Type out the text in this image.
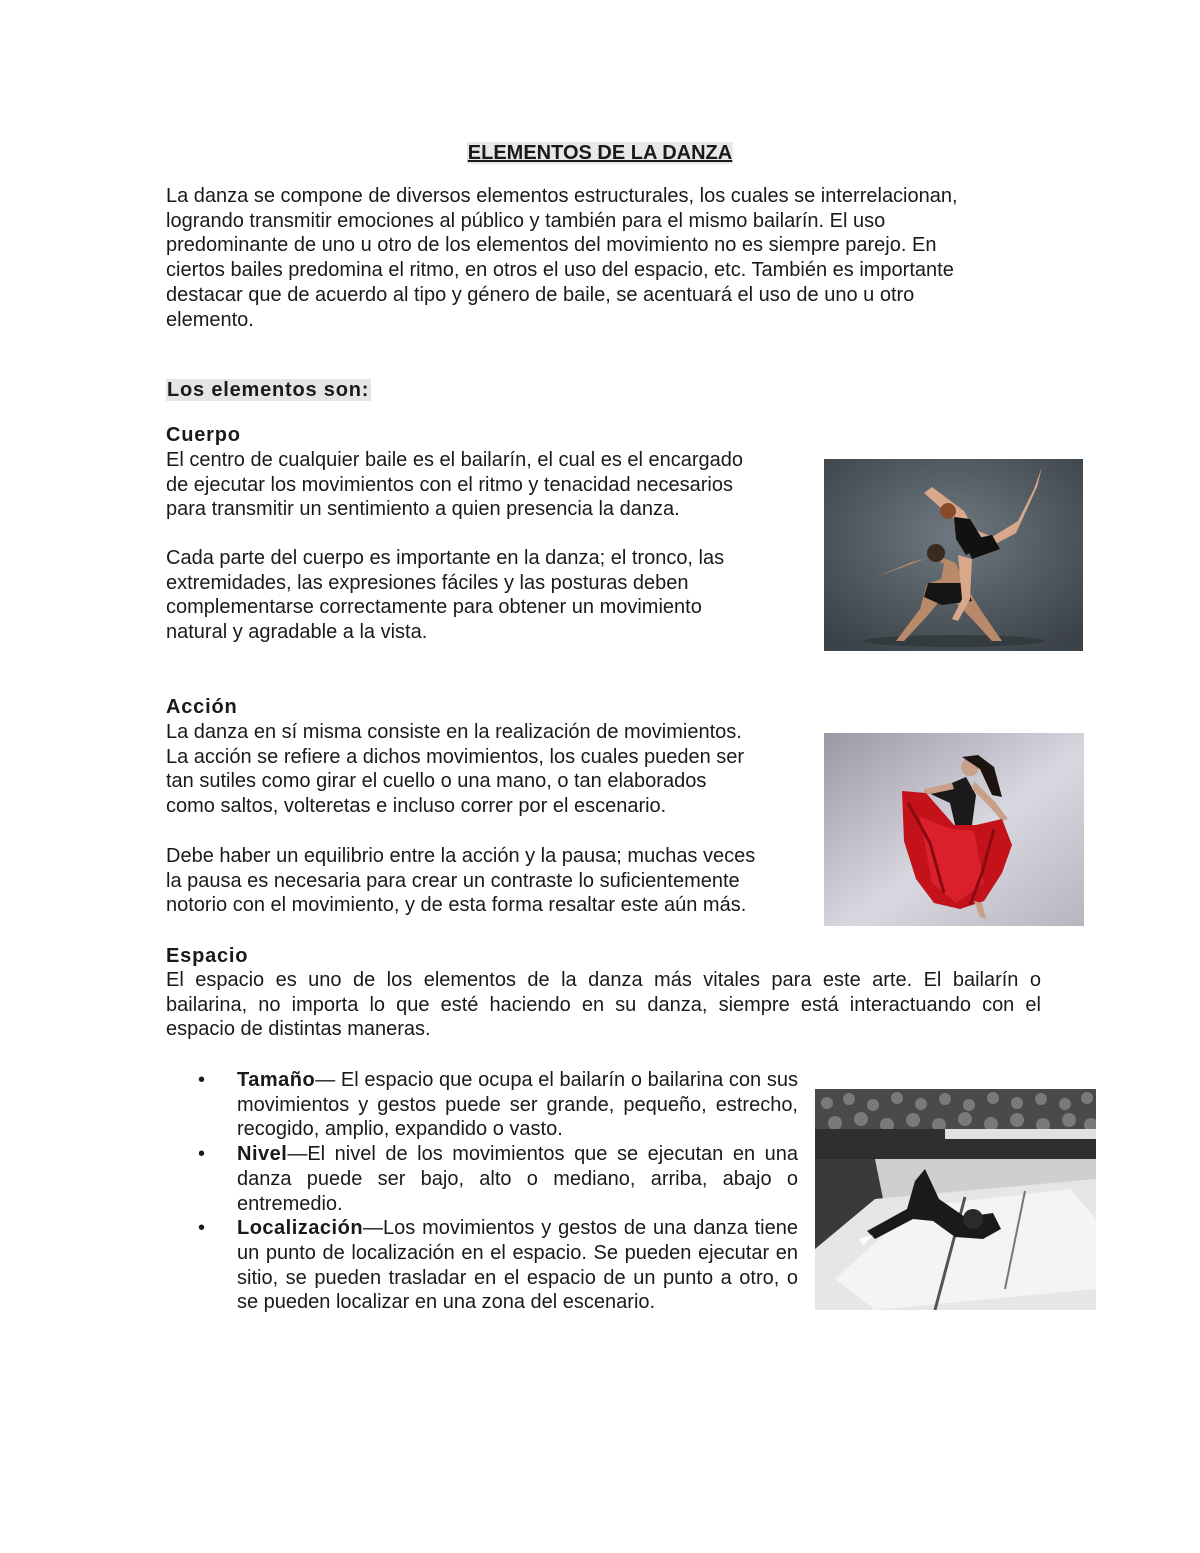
ELEMENTOS DE LA DANZA
La danza se compone de diversos elementos estructurales, los cuales se interrelacionan,
logrando transmitir emociones al público y también para el mismo bailarín. El uso
predominante de uno u otro de los elementos del movimiento no es siempre parejo. En
ciertos bailes predomina el ritmo, en otros el uso del espacio, etc. También es importante
destacar que de acuerdo al tipo y género de baile, se acentuará el uso de uno u otro
elemento.
Los elementos son:
Cuerpo
El centro de cualquier baile es el bailarín, el cual es el encargado
de ejecutar los movimientos con el ritmo y tenacidad necesarios
para transmitir un sentimiento a quien presencia la danza.
Cada parte del cuerpo es importante en la danza; el tronco, las
extremidades, las expresiones fáciles y las posturas deben
complementarse correctamente para obtener un movimiento
natural y agradable a la vista.
Acción
La danza en sí misma consiste en la realización de movimientos.
La acción se refiere a dichos movimientos, los cuales pueden ser
tan sutiles como girar el cuello o una mano, o tan elaborados
como saltos, volteretas e incluso correr por el escenario.
Debe haber un equilibrio entre la acción y la pausa; muchas veces
la pausa es necesaria para crear un contraste lo suficientemente
notorio con el movimiento, y de esta forma resaltar este aún más.
Espacio
El espacio es uno de los elementos de la danza más vitales para este arte. El bailarín o
bailarina, no importa lo que esté haciendo en su danza, siempre está interactuando con el
espacio de distintas maneras.
• Tamaño— El espacio que ocupa el bailarín o bailarina con sus movimientos y gestos puede ser grande, pequeño, estrecho, recogido, amplio, expandido o vasto.
• Nivel—El nivel de los movimientos que se ejecutan en una danza puede ser bajo, alto o mediano, arriba, abajo o entremedio.
• Localización—Los movimientos y gestos de una danza tiene un punto de localización en el espacio. Se pueden ejecutar en sitio, se pueden trasladar en el espacio de un punto a otro, o se pueden localizar en una zona del escenario.
